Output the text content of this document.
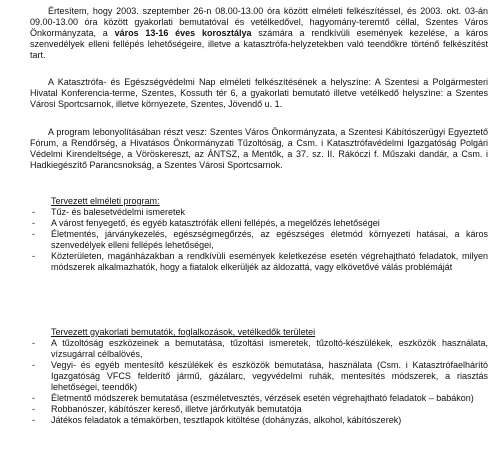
Értesítem, hogy 2003. szeptember 26-n 08.00-13.00 óra között elméleti felkészítéssel, és 2003. okt. 03-án 09.00-13.00 óra között gyakorlati bemutatóval és vetélkedővel, hagyomány-teremtő céllal, Szentes Város Önkormányzata, a város 13-16 éves korosztálya számára a rendkívüli események kezelése, a káros szenvedélyek elleni fellépés lehetőségeire, illetve a katasztrófa-helyzetekben való teendőkre történő felkészítést tart.

A Katasztrófa- és Egészségvédelmi Nap elméleti felkészítésének a helyszíne: A Szentesi a Polgármesteri Hivatal Konferencia-terme, Szentes, Kossuth tér 6, a gyakorlati bemutató illetve vetélkedő helyszíne: a Szentes Városi Sportcsarnok, illetve környezete, Szentes, Jövendő u. 1.

A program lebonyolításában részt vesz: Szentes Város Önkormányzata, a Szentesi Kábítószerügyi Egyeztető Fórum, a Rendőrség, a Hivatásos Önkormányzati Tűzoltóság, a Csm. i Katasztrófavédelmi Igazgatóság Polgári Védelmi Kirendeltsége, a Vöröskereszt, az ÁNTSZ, a Mentők, a 37. sz. II. Rákóczi f. Műszaki dandár, a Csm. i Hadkiegészítő Parancsnokság, a Szentes Városi Sportcsarnok.

Tervezett elméleti program:
- Tűz- és balesetvédelmi ismeretek
- A várost fenyegető, és egyéb katasztrófák elleni fellépés, a megelőzés lehetőségei
- Életmentés, járványkezelés, egészségmegőrzés, az egészséges életmód környezeti hatásai, a káros szenvedélyek elleni fellépés lehetőségei,
- Közterületen, magánházakban a rendkívüli események keletkezése esetén végrehajtható feladatok, milyen módszerek alkalmazhatók, hogy a fiatalok elkerüljék az áldozattá, vagy elkövetővé válás problémáját
Tervezett gyakorlati bemutatók, foglalkozások, vetélkedők területei
- A tűzoltóság eszközeinek a bemutatása, tűzoltási ismeretek, tűzoltó-készülékek, eszközök használata, vízsugárral célbalövés,
- Vegyi- és egyéb mentesítő készülékek és eszközök bemutatása, használata (Csm. i Katasztrófaelhárító Igazgatóság VFCS felderítő jármű, gázálarc, vegyvédelmi ruhák, mentesítés módszerek, a riasztás lehetőségei, teendők)
- Életmentő módszerek bemutatása (eszméletvesztés, vérzések esetén végrehajtható feladatok – babákon)
- Robbanószer, kábítószer kereső, illetve járőrkutyák bemutatója
- Játékos feladatok a témakörben, tesztlapok kitöltése (dohányzás, alkohol, kábítószerek)
